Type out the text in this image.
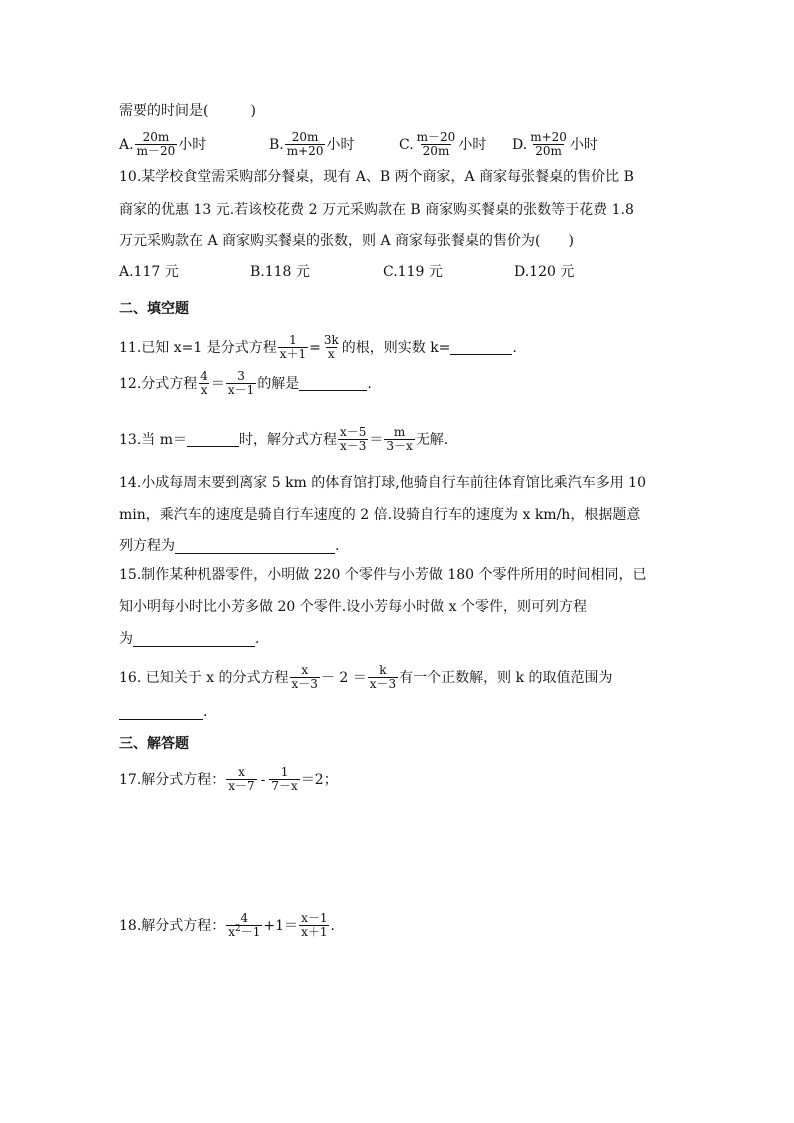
需要的时间是(　　　)
A. $\frac{20m}{m-20}$ 小时	B. $\frac{20m}{m+20}$ 小时	C. $\frac{m-20}{20m}$ 小时 D. $\frac{m+20}{20m}$ 小时
10.某学校食堂需采购部分餐桌，现有 A、B 两个商家，A 商家每张餐桌的售价比 B
商家的优惠 13 元.若该校花费 2 万元采购款在 B 商家购买餐桌的张数等于花费 1.8
万元采购款在 A 商家购买餐桌的张数，则 A 商家每张餐桌的售价为(　　)
A.117 元	B.118 元	C.119 元	D.120 元
二、填空题
11.已知 x=1 是分式方程 $\frac{1}{x+1} = \frac{3k}{x}$ 的根，则实数 k=	.
12.分式方程 $\frac{4}{x} = \frac{3}{x-1}$ 的解是	.
13.当 m＝	时，解分式方程 $\frac{x-5}{x-3} = \frac{m}{3-x}$ 无解.
14.小成每周末要到离家 5 km 的体育馆打球,他骑自行车前往体育馆比乘汽车多用 10
min，乘汽车的速度是骑自行车速度的 2 倍.设骑自行车的速度为 x km/h，根据题意
列方程为	.
15.制作某种机器零件，小明做 220 个零件与小芳做 180 个零件所用的时间相同，已
知小明每小时比小芳多做 20 个零件.设小芳每小时做 x 个零件，则可列方程
为	.
16. 已知关于 x 的分式方程 $\frac{x}{x-3} - 2 = \frac{k}{x-3}$ 有一个正数解，则 k 的取值范围为
.
三、解答题
17.解分式方程： $\frac{x}{x-7} - \frac{1}{7-x} =2$；
18.解分式方程： $\frac{4}{x^2-1} +1= \frac{x-1}{x+1}$ .
